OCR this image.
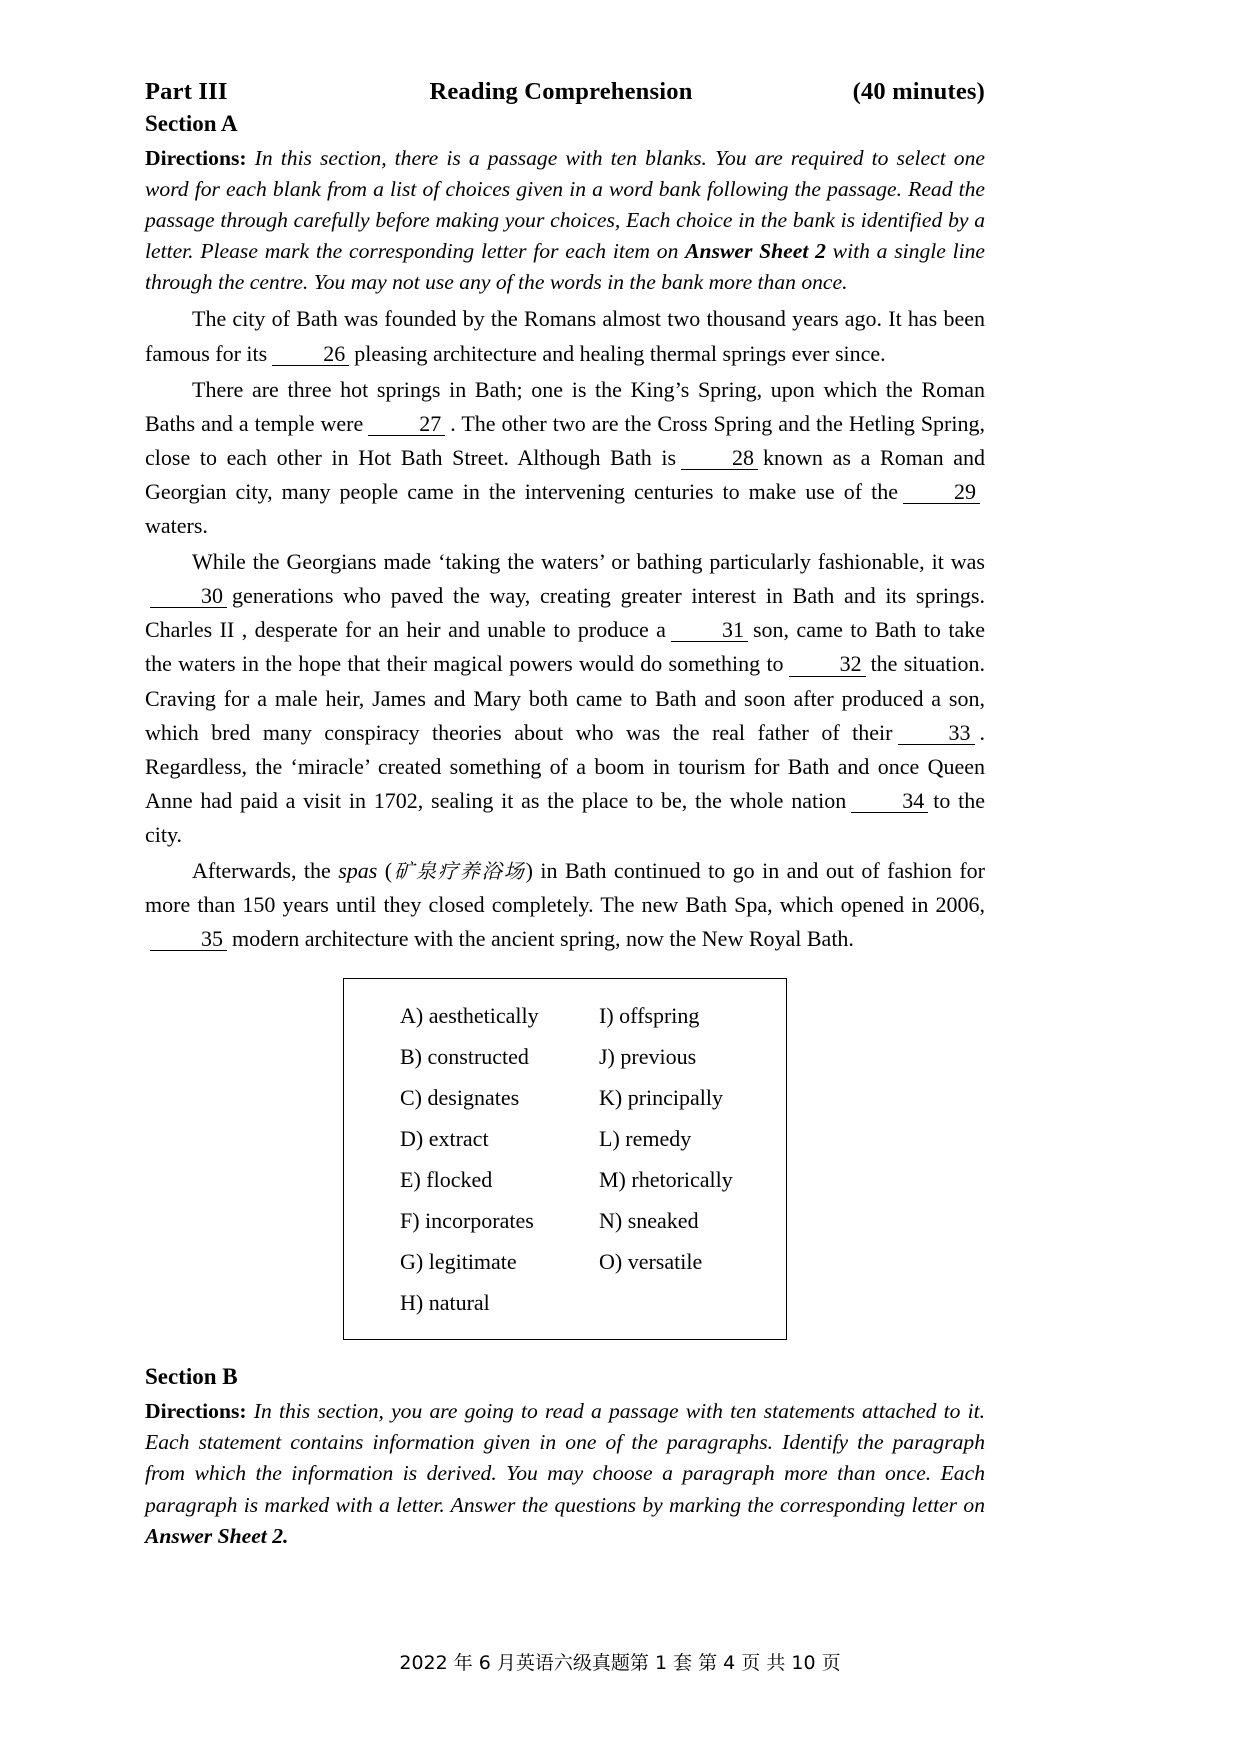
Part III	Reading Comprehension	(40 minutes)
Section A
Directions: In this section, there is a passage with ten blanks. You are required to select one word for each blank from a list of choices given in a word bank following the passage. Read the passage through carefully before making your choices, Each choice in the bank is identified by a letter. Please mark the corresponding letter for each item on Answer Sheet 2 with a single line through the centre. You may not use any of the words in the bank more than once.

The city of Bath was founded by the Romans almost two thousand years ago. It has been famous for its	26 pleasing architecture and healing thermal springs ever since.

There are three hot springs in Bath; one is the King’s Spring, upon which the Roman Baths and a temple were	27 . The other two are the Cross Spring and the Hetling Spring, close to each other in Hot Bath Street. Although Bath is	28 known as a Roman and Georgian city, many people came in the intervening centuries to make use of the	29waters.

While the Georgians made ‘taking the waters’ or bathing particularly fashionable, it was30 generations who paved the way, creating greater interest in Bath and its springs. Charles II , desperate for an heir and unable to produce a	31 son, came to Bath to take the waters in the hope that their magical powers would do something to	32 the situation. Craving for a male heir, James and Mary both came to Bath and soon after produced a son, which bred many conspiracy theories about who was the real father of their	33 . Regardless, the ‘miracle’ created something of a boom in tourism for Bath and once Queen Anne had paid a visit in 1702, sealing it as the place to be, the whole nation	34 to the city.

Afterwards, the spas (矿泉疗养浴场) in Bath continued to go in and out of fashion for more than 150 years until they closed completely. The new Bath Spa, which opened in 2006,35 modern architecture with the ancient spring, now the New Royal Bath.

A) aesthetically
B) constructed
C) designates
D) extract
E) flocked
F) incorporates
G) legitimate
H) natural
I) offspring
J) previous
K) principally
L) remedy
M) rhetorically
N) sneaked
O) versatile
Section B
Directions: In this section, you are going to read a passage with ten statements attached to it. Each statement contains information given in one of the paragraphs. Identify the paragraph from which the information is derived. You may choose a paragraph more than once. Each paragraph is marked with a letter. Answer the questions by marking the corresponding letter on Answer Sheet 2.
2022 年 6 月英语六级真题第 1 套 第 4 页 共 10 页
